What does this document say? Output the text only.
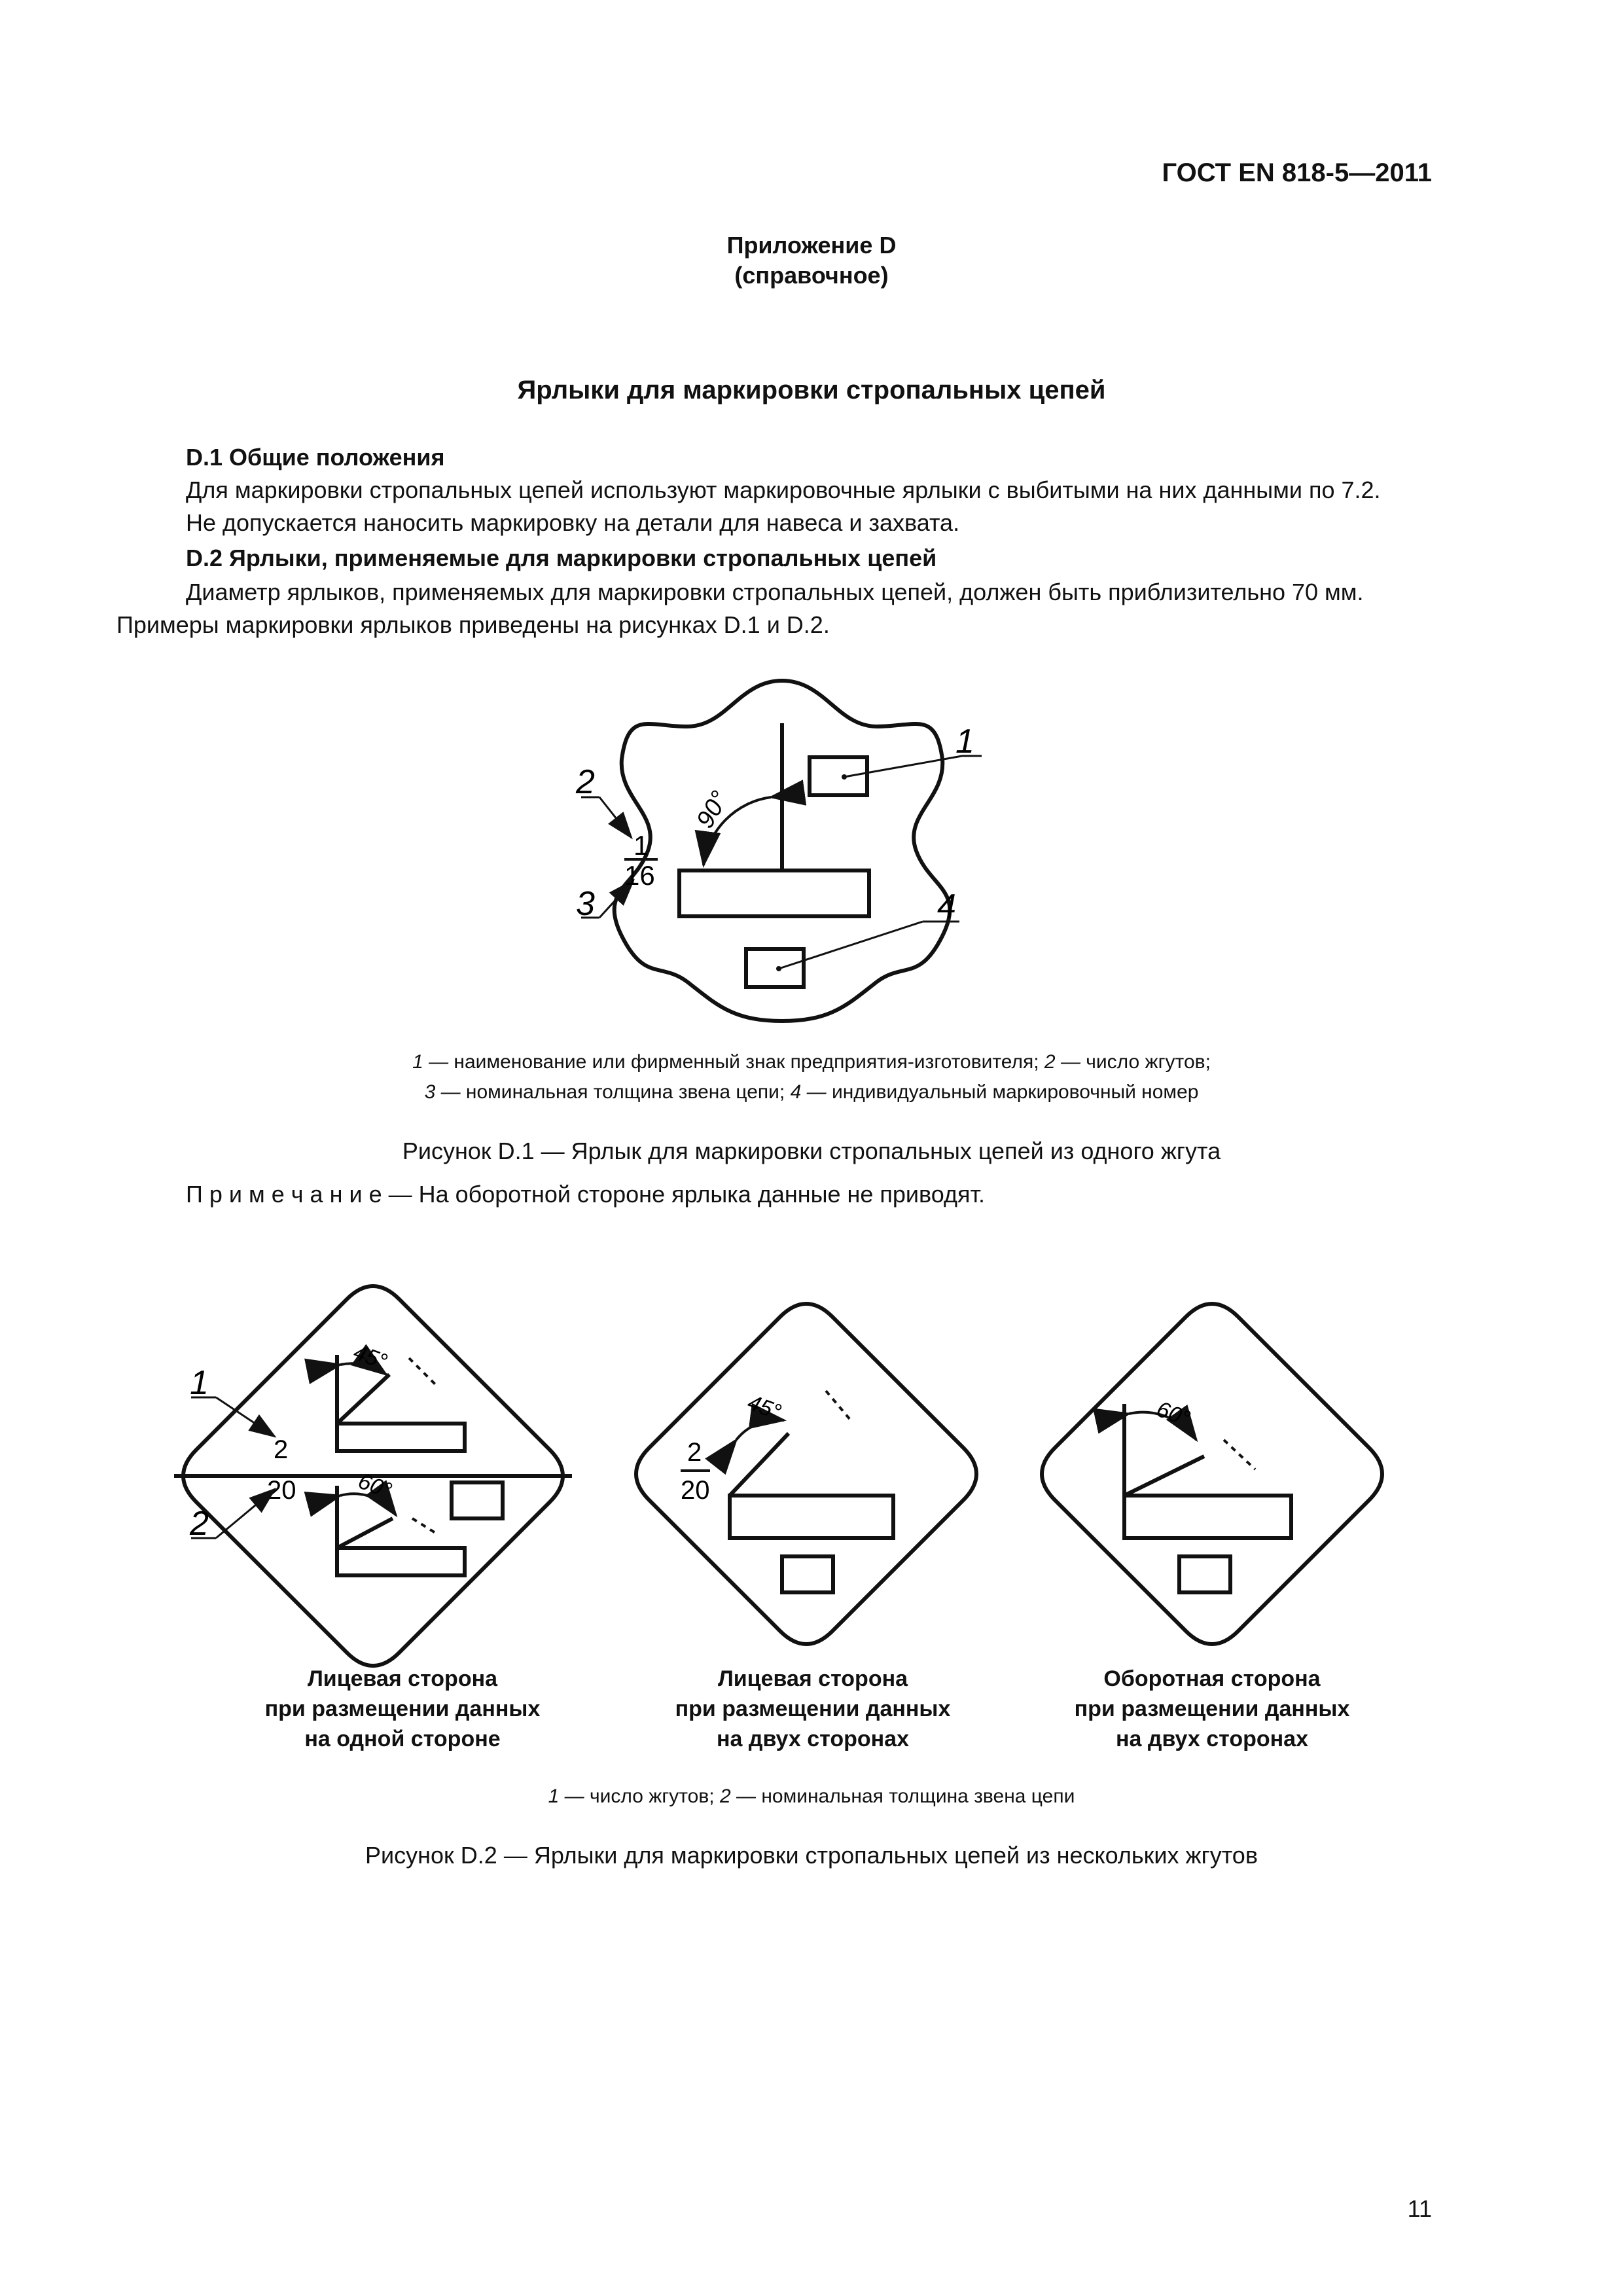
ГОСТ EN 818-5—2011
Приложение D
(справочное)
Ярлыки для маркировки стропальных цепей
D.1 Общие положения
Для маркировки стропальных цепей используют маркировочные ярлыки с выбитыми на них данными по 7.2.
Не допускается наносить маркировку на детали для навеса и захвата.
D.2 Ярлыки, применяемые для маркировки стропальных цепей
Диаметр ярлыков, применяемых для маркировки стропальных цепей, должен быть приблизительно 70 мм.
Примеры маркировки ярлыков приведены на рисунках D.1 и D.2.
1
2
3	4
1
16
90°
45°
60°
2
20
1
2
45°
2
20
60°
1 — наименование или фирменный знак предприятия-изготовителя; 2 — число жгутов;
3 — номинальная толщина звена цепи; 4 — индивидуальный маркировочный номер
Рисунок D.1 — Ярлык для маркировки стропальных цепей из одного жгута
П р и м е ч а н и е — На оборотной стороне ярлыка данные не приводят.
Лицевая сторона
при размещении данных
на одной стороне
Лицевая сторона
при размещении данных
на двух сторонах
Оборотная сторона
при размещении данных
на двух сторонах
1 — число жгутов; 2 — номинальная толщина звена цепи
Рисунок D.2 — Ярлыки для маркировки стропальных цепей из нескольких жгутов
11
